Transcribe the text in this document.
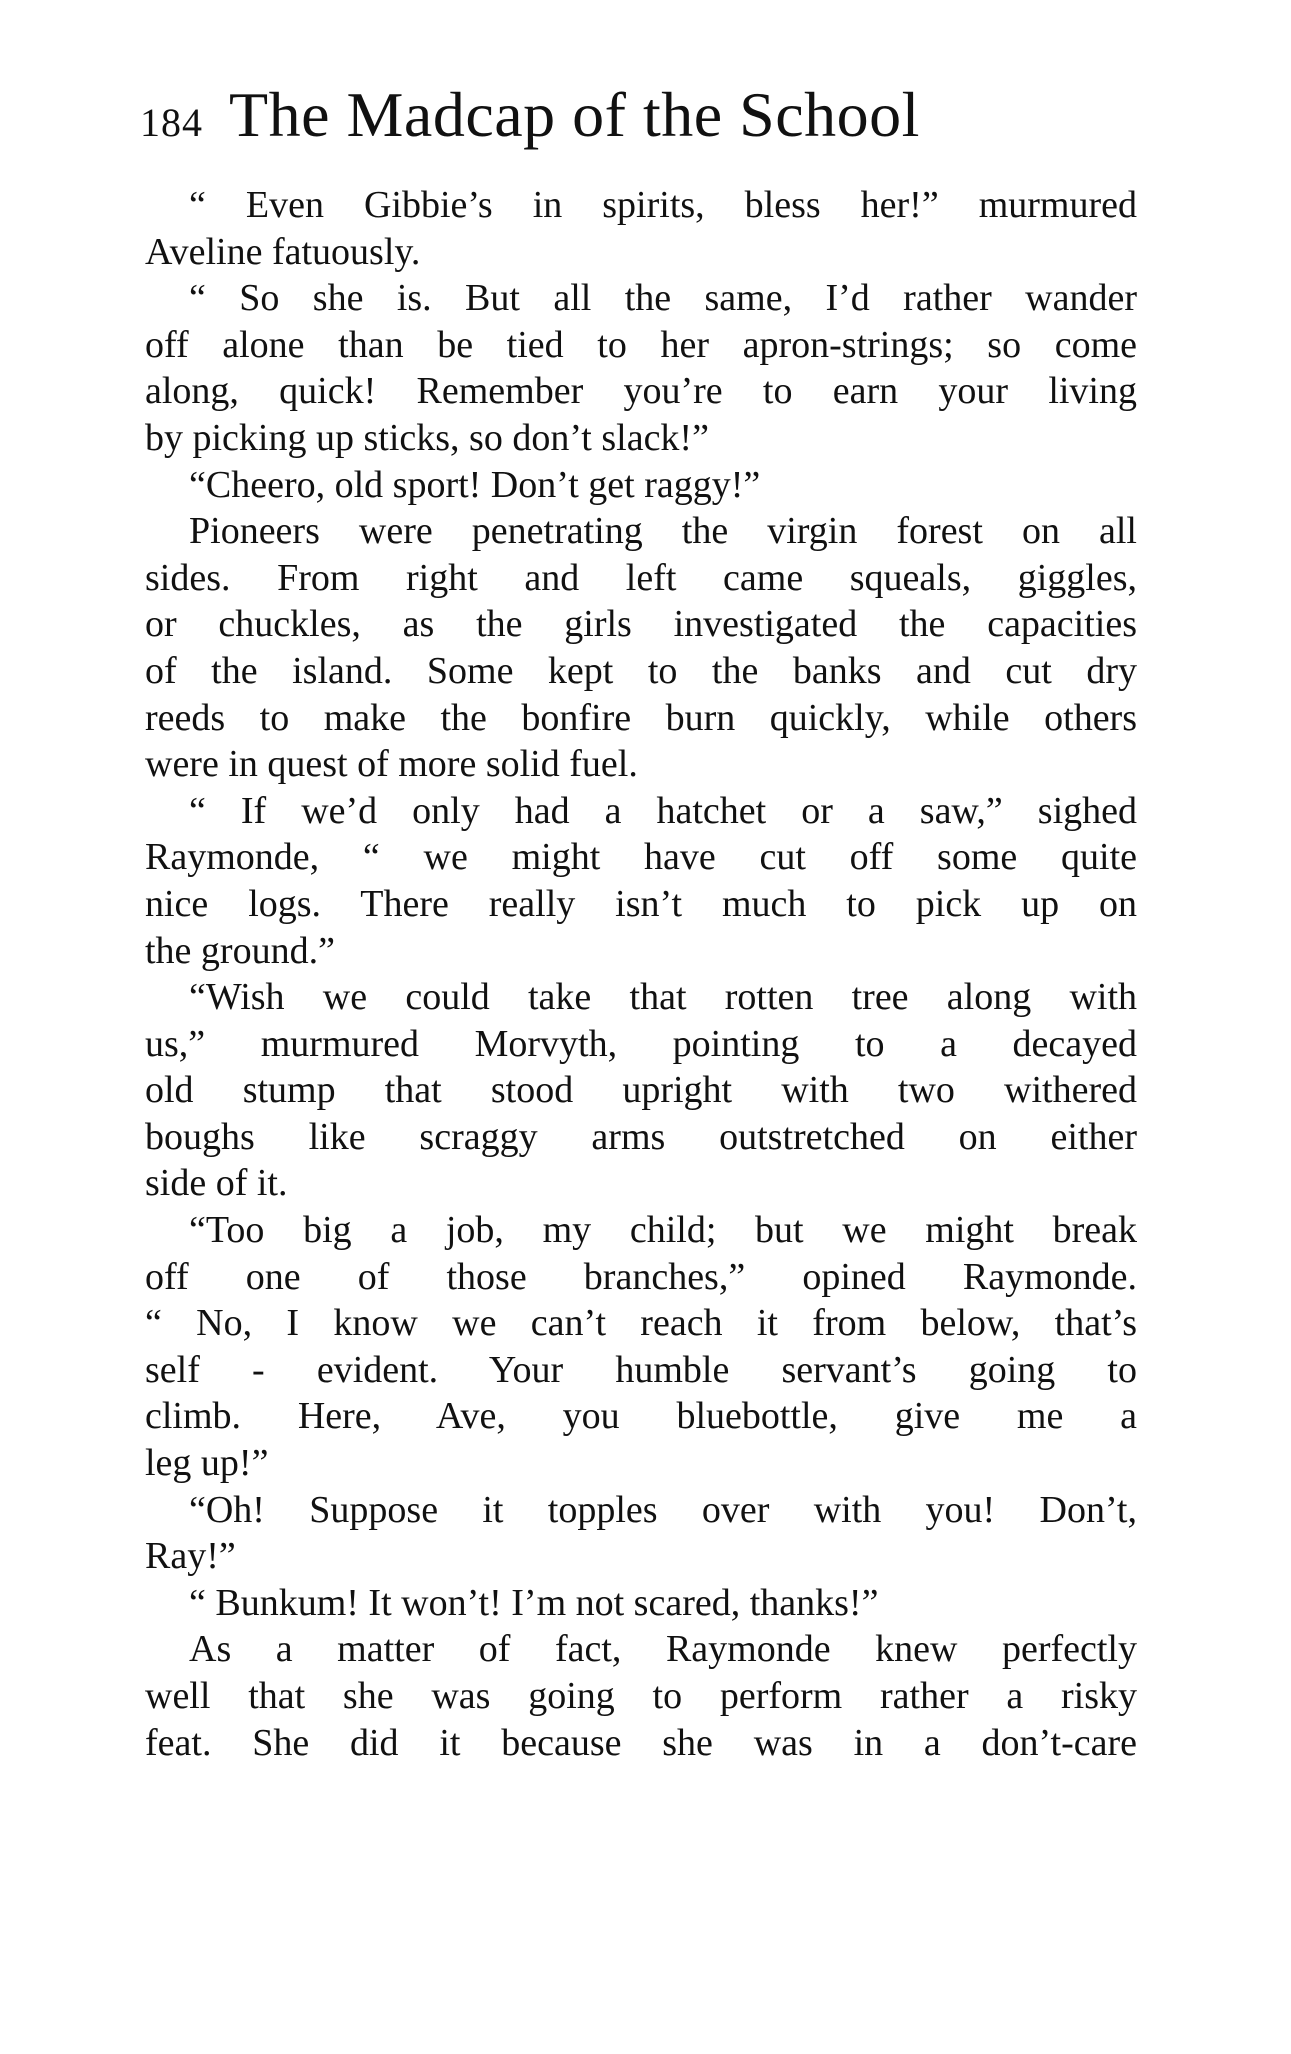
184 The Madcap of the School
“ Even Gibbie’s in spirits, bless her!” murmured
Aveline fatuously.
“ So she is. But all the same, I’d rather wander
off alone than be tied to her apron-strings; so come
along, quick! Remember you’re to earn your living
by picking up sticks, so don’t slack!”
“Cheero, old sport! Don’t get raggy!”
Pioneers were penetrating the virgin forest on all
sides. From right and left came squeals, giggles,
or chuckles, as the girls investigated the capacities
of the island. Some kept to the banks and cut dry
reeds to make the bonfire burn quickly, while others
were in quest of more solid fuel.
“ If we’d only had a hatchet or a saw,” sighed
Raymonde, “ we might have cut off some quite
nice logs. There really isn’t much to pick up on
the ground.”
“Wish we could take that rotten tree along with
us,” murmured Morvyth, pointing to a decayed
old stump that stood upright with two withered
boughs like scraggy arms outstretched on either
side of it.
“Too big a job, my child; but we might break
off one of those branches,” opined Raymonde.
“ No, I know we can’t reach it from below, that’s
self - evident. Your humble servant’s going to
climb. Here, Ave, you bluebottle, give me a
leg up!”
“Oh! Suppose it topples over with you! Don’t,
Ray!”
“ Bunkum! It won’t! I’m not scared, thanks!”
As a matter of fact, Raymonde knew perfectly
well that she was going to perform rather a risky
feat. She did it because she was in a don’t-care
